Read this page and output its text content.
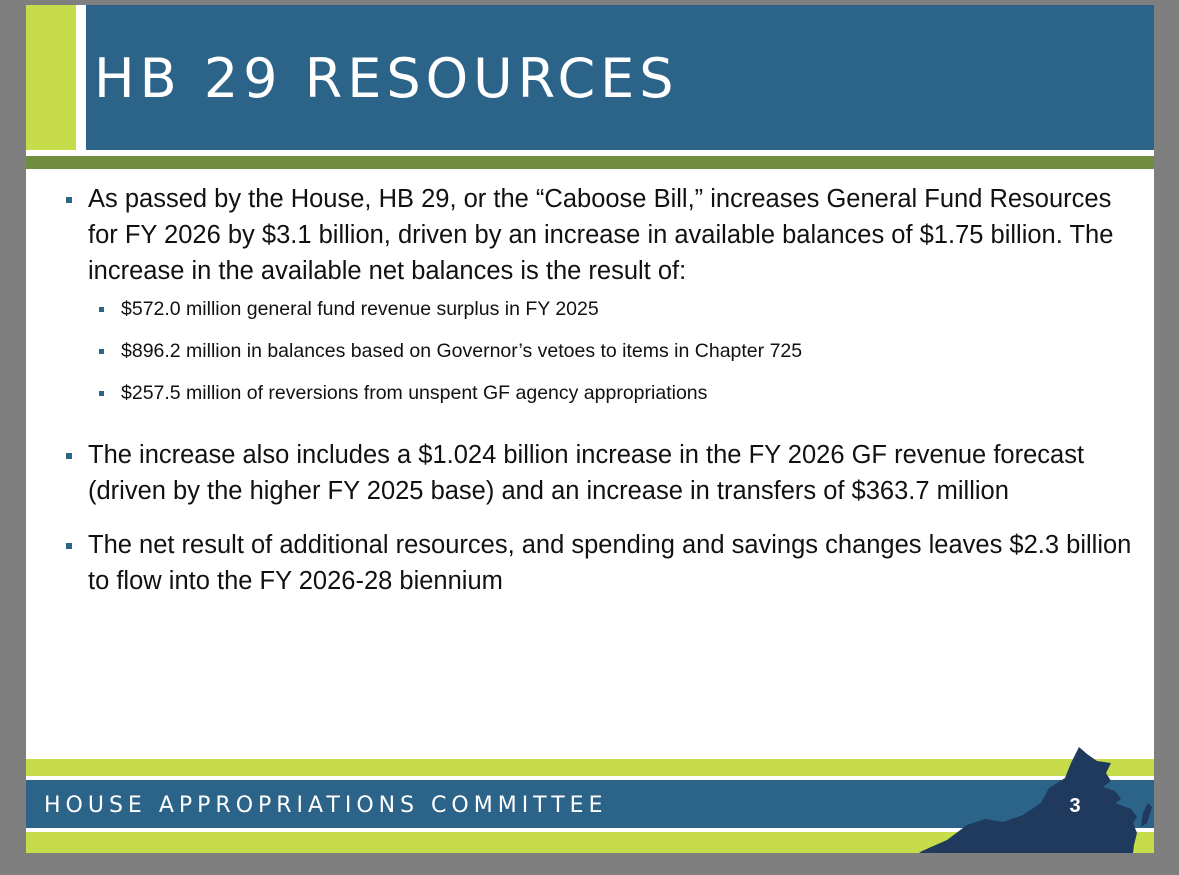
HB 29 RESOURCES
As passed by the House, HB 29, or the “Caboose Bill,” increases General Fund Resources for FY 2026 by $3.1 billion, driven by an increase in available balances of $1.75 billion. The increase in the available net balances is the result of:
$572.0 million general fund revenue surplus in FY 2025
$896.2 million in balances based on Governor’s vetoes to items in Chapter 725
$257.5 million of reversions from unspent GF agency appropriations
The increase also includes a $1.024 billion increase in the FY 2026 GF revenue forecast (driven by the higher FY 2025 base) and an increase in transfers of $363.7 million
The net result of additional resources, and spending and savings changes leaves $2.3 billion to flow into the FY 2026-28 biennium
HOUSE APPROPRIATIONS COMMITTEE	3
